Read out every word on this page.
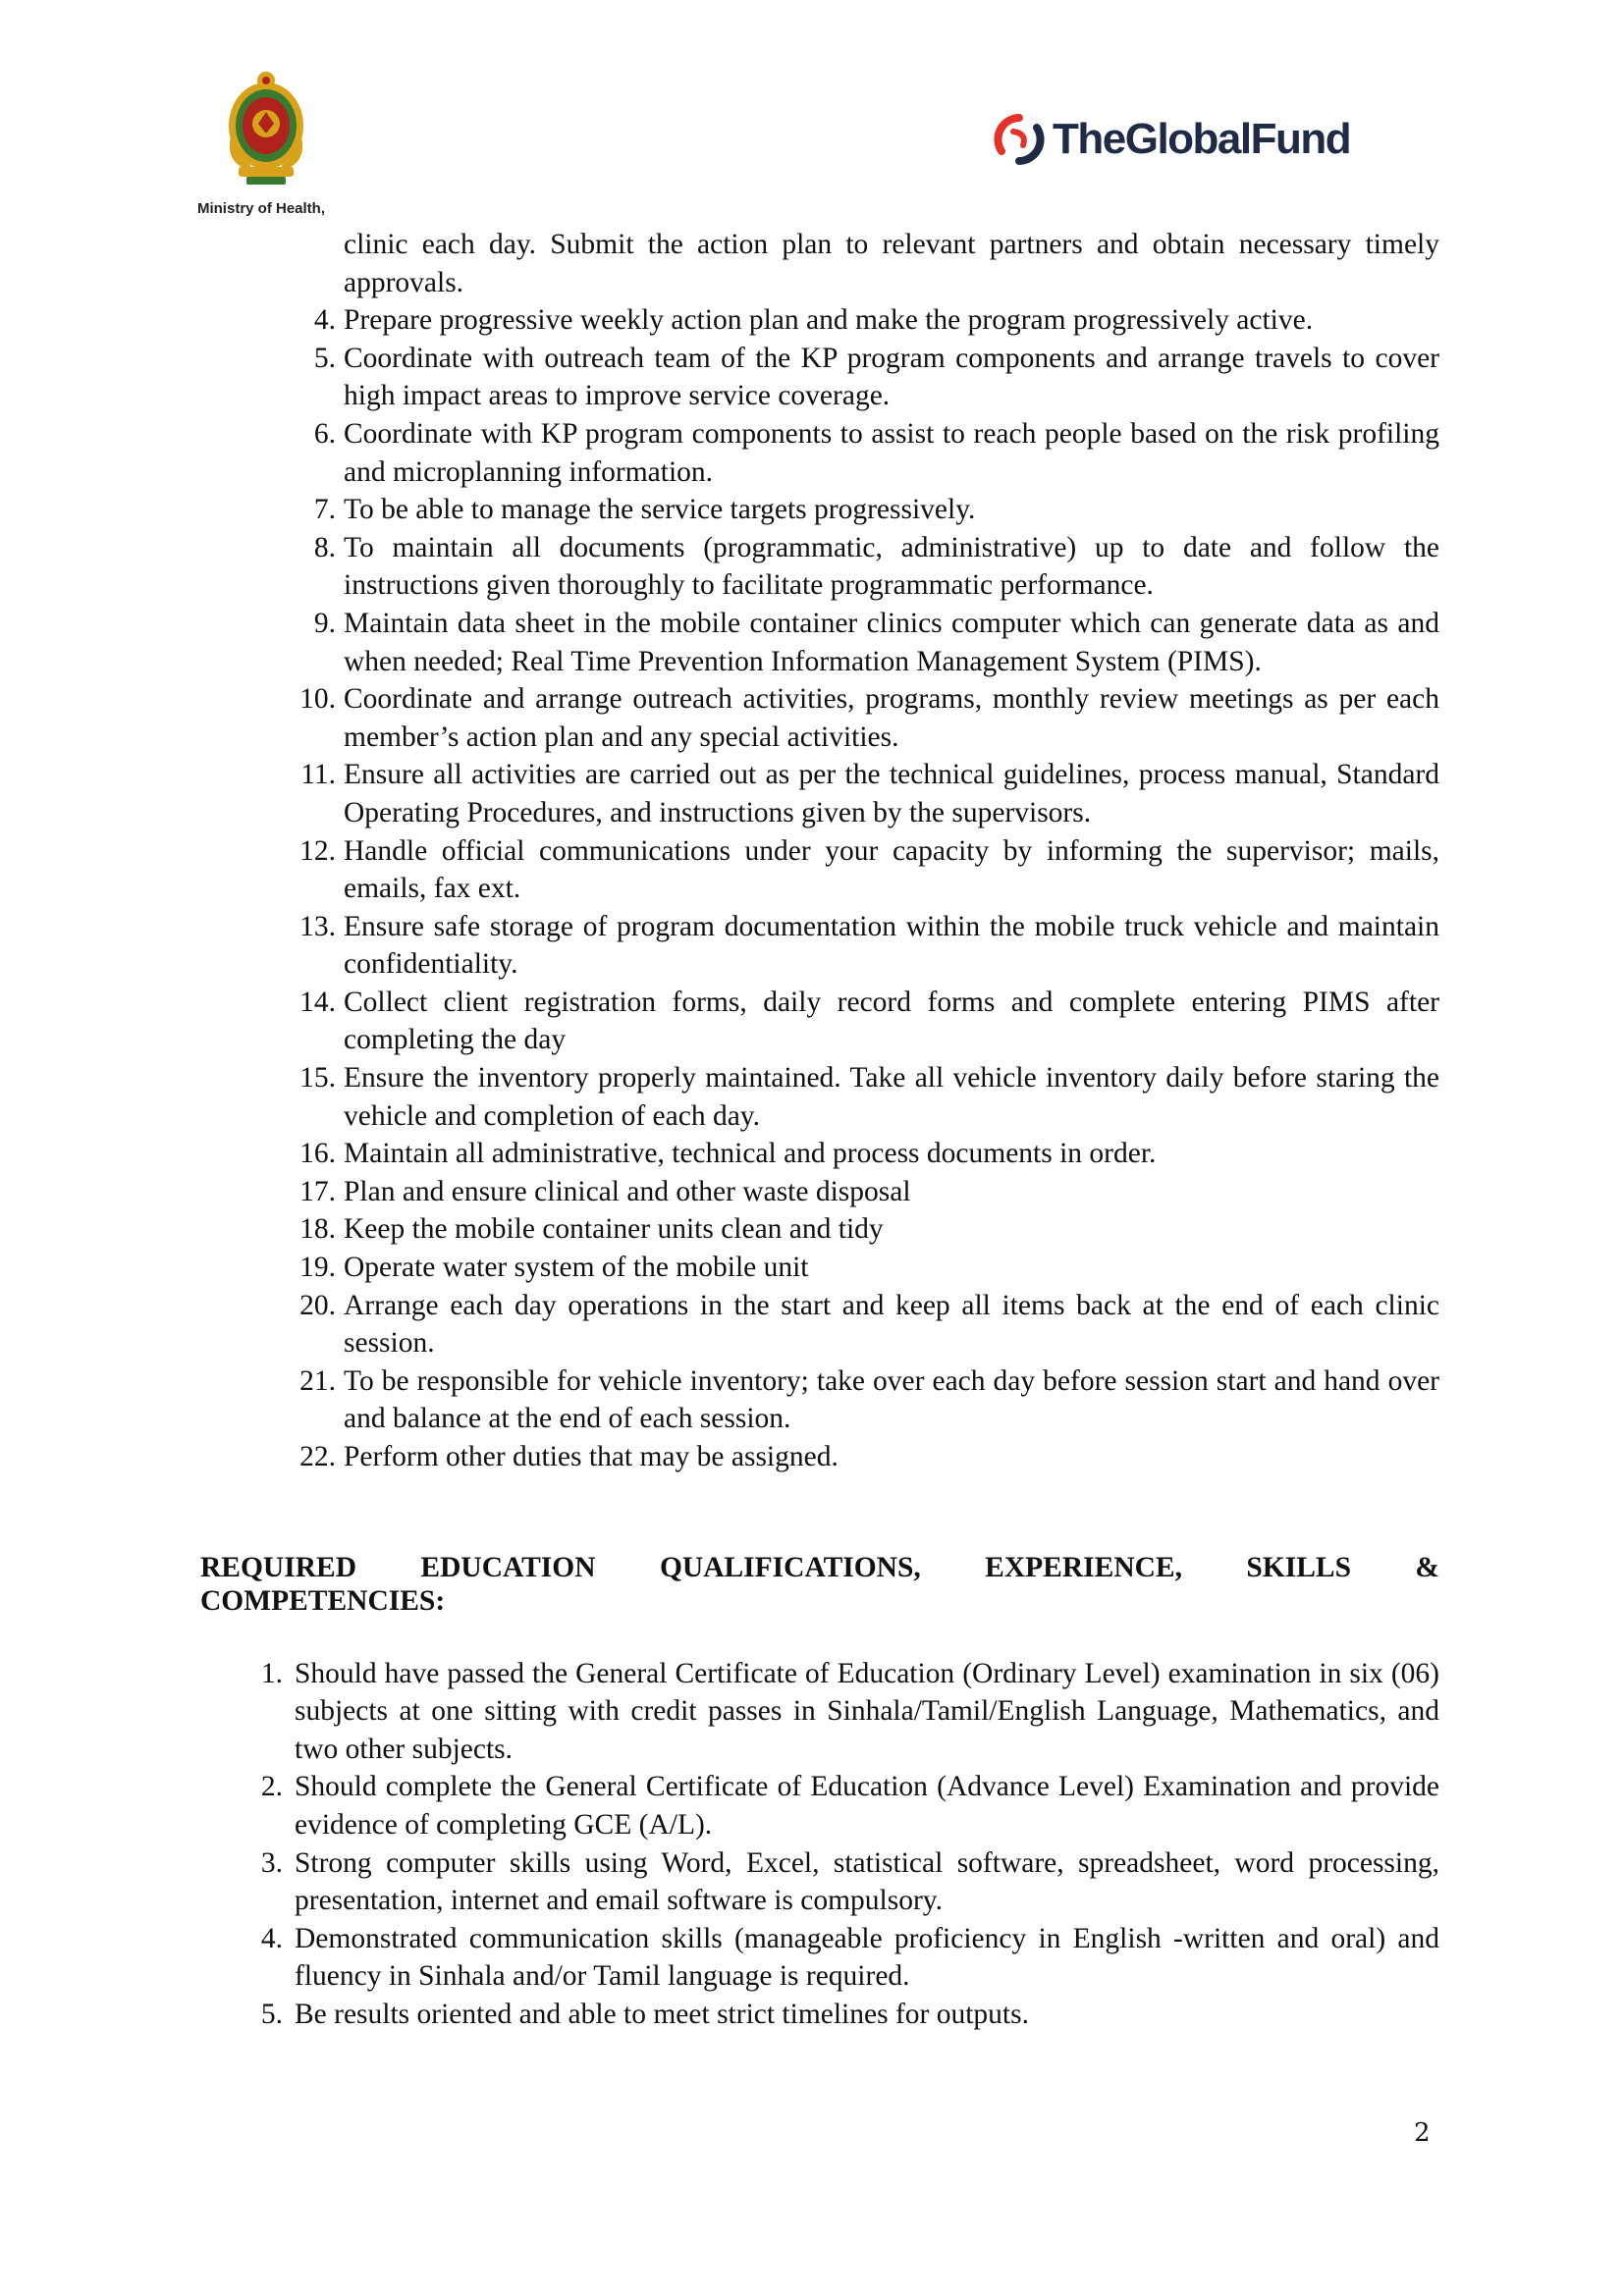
Ministry of Health,
TheGlobalFund
clinic each day. Submit the action plan to relevant partners and obtain necessary timely approvals.
4. Prepare progressive weekly action plan and make the program progressively active.
5. Coordinate with outreach team of the KP program components and arrange travels to cover high impact areas to improve service coverage.
6. Coordinate with KP program components to assist to reach people based on the risk profiling and microplanning information.
7. To be able to manage the service targets progressively.
8. To maintain all documents (programmatic, administrative) up to date and follow the instructions given thoroughly to facilitate programmatic performance.
9. Maintain data sheet in the mobile container clinics computer which can generate data as and when needed; Real Time Prevention Information Management System (PIMS).
10. Coordinate and arrange outreach activities, programs, monthly review meetings as per each member’s action plan and any special activities.
11. Ensure all activities are carried out as per the technical guidelines, process manual, Standard Operating Procedures, and instructions given by the supervisors.
12. Handle official communications under your capacity by informing the supervisor; mails, emails, fax ext.
13. Ensure safe storage of program documentation within the mobile truck vehicle and maintain confidentiality.
14. Collect client registration forms, daily record forms and complete entering PIMS after completing the day
15. Ensure the inventory properly maintained. Take all vehicle inventory daily before staring the vehicle and completion of each day.
16. Maintain all administrative, technical and process documents in order.
17. Plan and ensure clinical and other waste disposal
18. Keep the mobile container units clean and tidy
19. Operate water system of the mobile unit
20. Arrange each day operations in the start and keep all items back at the end of each clinic session.
21. To be responsible for vehicle inventory; take over each day before session start and hand over and balance at the end of each session.
22. Perform other duties that may be assigned.
REQUIRED EDUCATION QUALIFICATIONS, EXPERIENCE, SKILLS &
COMPETENCIES:
1. Should have passed the General Certificate of Education (Ordinary Level) examination in six (06) subjects at one sitting with credit passes in Sinhala/Tamil/English Language, Mathematics, and two other subjects.
2. Should complete the General Certificate of Education (Advance Level) Examination and provide evidence of completing GCE (A/L).
3. Strong computer skills using Word, Excel, statistical software, spreadsheet, word processing, presentation, internet and email software is compulsory.
4. Demonstrated communication skills (manageable proficiency in English -written and oral) and fluency in Sinhala and/or Tamil language is required.
5. Be results oriented and able to meet strict timelines for outputs.
2
